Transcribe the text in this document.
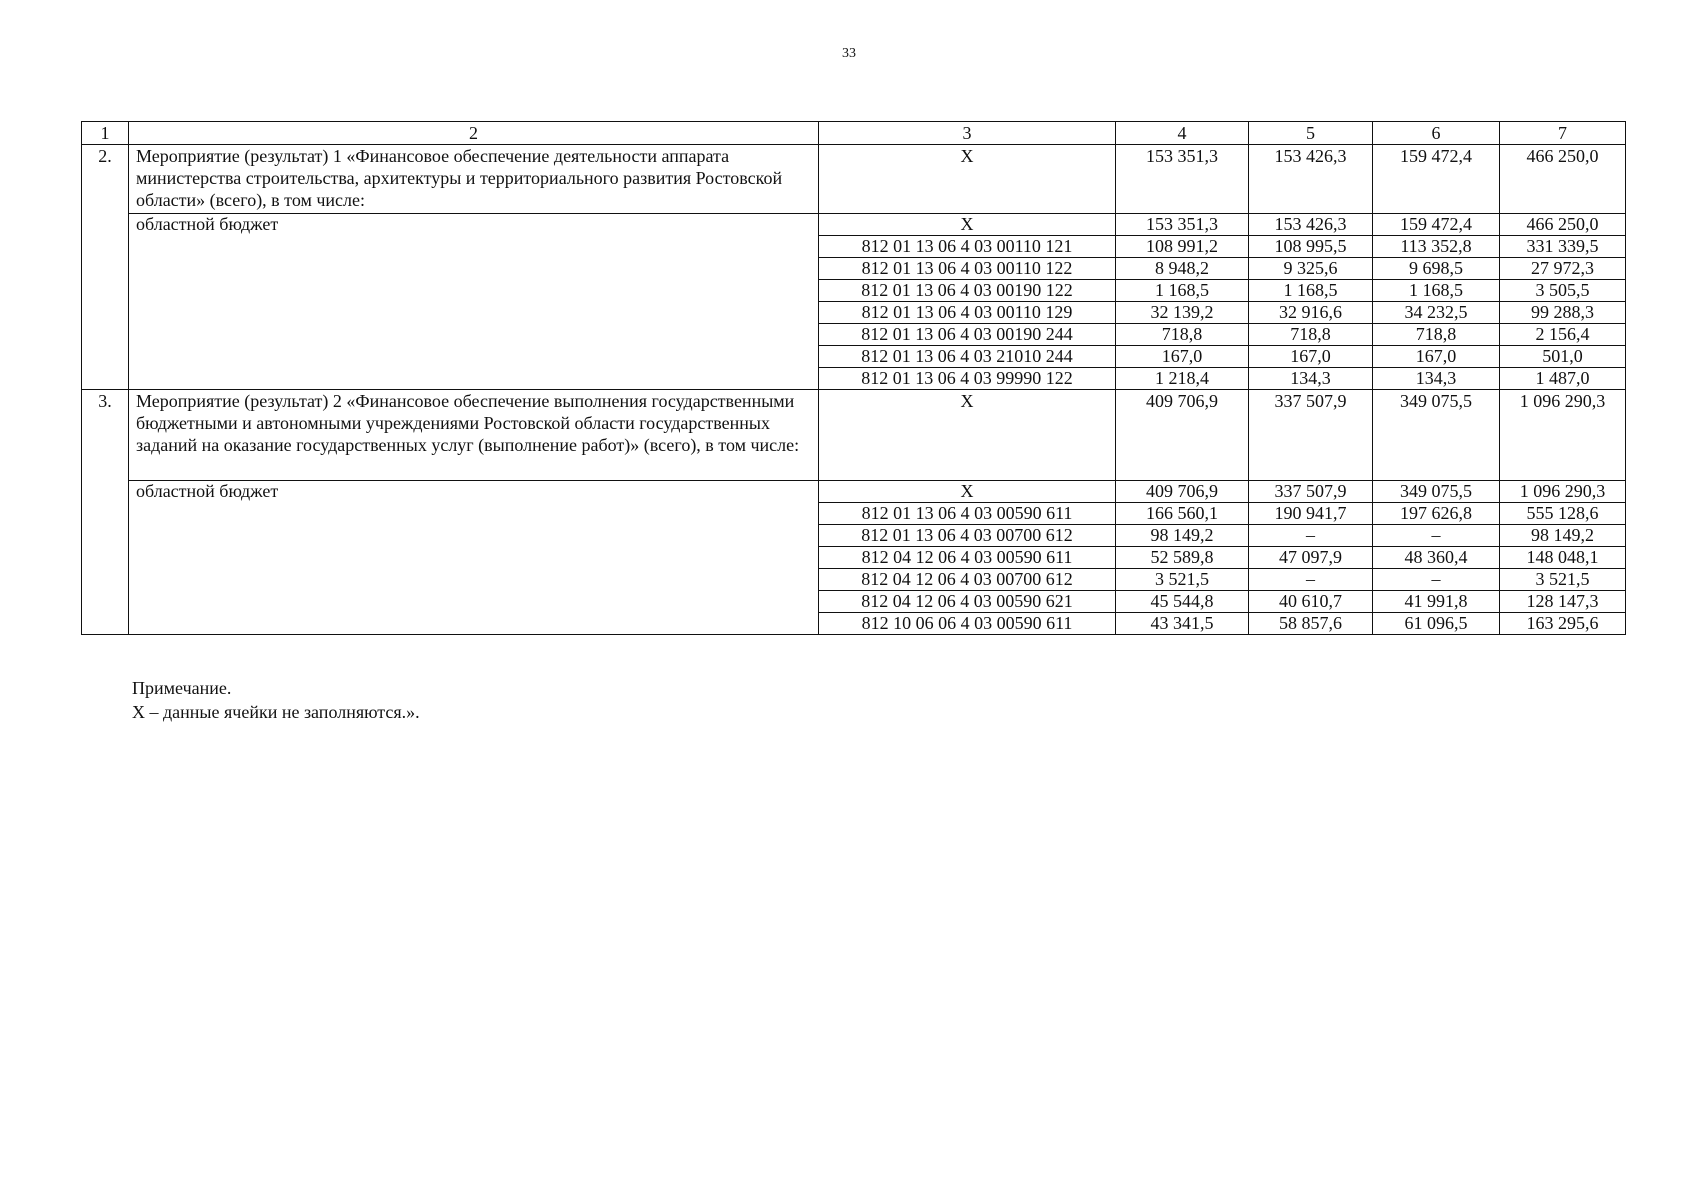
33
1	2	3	4	5	6	7
2.	Мероприятие (результат) 1 «Финансовое обеспечение деятельности аппарата министерства строительства, архитектуры и территориального развития Ростовской области» (всего), в том числе:	Х	153 351,3	153 426,3	159 472,4	466 250,0
	областной бюджет	Х	153 351,3	153 426,3	159 472,4	466 250,0
		812 01 13 06 4 03 00110 121	108 991,2	108 995,5	113 352,8	331 339,5
		812 01 13 06 4 03 00110 122	8 948,2	9 325,6	9 698,5	27 972,3
		812 01 13 06 4 03 00190 122	1 168,5	1 168,5	1 168,5	3 505,5
		812 01 13 06 4 03 00110 129	32 139,2	32 916,6	34 232,5	99 288,3
		812 01 13 06 4 03 00190 244	718,8	718,8	718,8	2 156,4
		812 01 13 06 4 03 21010 244	167,0	167,0	167,0	501,0
		812 01 13 06 4 03 99990 122	1 218,4	134,3	134,3	1 487,0
3.	Мероприятие (результат) 2 «Финансовое обеспечение выполнения государственными бюджетными и автономными учреждениями Ростовской области государственных заданий на оказание государственных услуг (выполнение работ)» (всего), в том числе:	Х	409 706,9	337 507,9	349 075,5	1 096 290,3
	областной бюджет	Х	409 706,9	337 507,9	349 075,5	1 096 290,3
		812 01 13 06 4 03 00590 611	166 560,1	190 941,7	197 626,8	555 128,6
		812 01 13 06 4 03 00700 612	98 149,2	–	–	98 149,2
		812 04 12 06 4 03 00590 611	52 589,8	47 097,9	48 360,4	148 048,1
		812 04 12 06 4 03 00700 612	3 521,5	–	–	3 521,5
		812 04 12 06 4 03 00590 621	45 544,8	40 610,7	41 991,8	128 147,3
		812 10 06 06 4 03 00590 611	43 341,5	58 857,6	61 096,5	163 295,6
Примечание.
Х – данные ячейки не заполняются.».
